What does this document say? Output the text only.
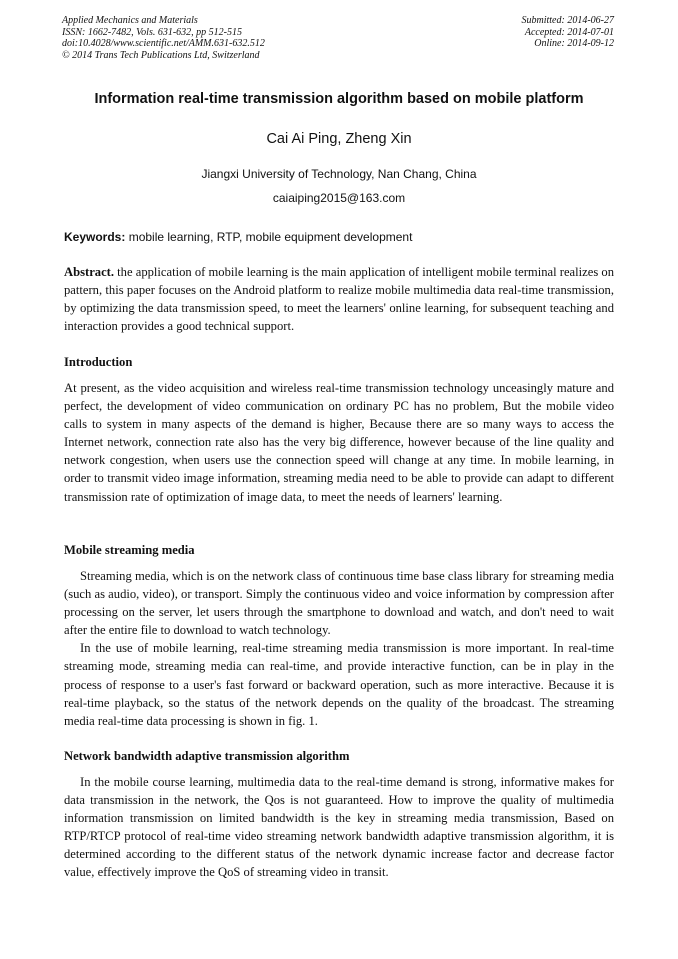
Applied Mechanics and Materials
ISSN: 1662-7482, Vols. 631-632, pp 512-515
doi:10.4028/www.scientific.net/AMM.631-632.512
© 2014 Trans Tech Publications Ltd, Switzerland
Submitted: 2014-06-27
Accepted: 2014-07-01
Online: 2014-09-12
Information real-time transmission algorithm based on mobile platform
Cai Ai Ping, Zheng Xin
Jiangxi University of Technology, Nan Chang, China
caiaiping2015@163.com
Keywords: mobile learning, RTP, mobile equipment development

Abstract. the application of mobile learning is the main application of intelligent mobile terminal realizes on pattern, this paper focuses on the Android platform to realize mobile multimedia data real-time transmission, by optimizing the data transmission speed, to meet the learners' online learning, for subsequent teaching and interaction provides a good technical support.

Introduction

At present, as the video acquisition and wireless real-time transmission technology unceasingly mature and perfect, the development of video communication on ordinary PC has no problem, But the mobile video calls to system in many aspects of the demand is higher, Because there are so many ways to access the Internet network, connection rate also has the very big difference, however because of the line quality and network congestion, when users use the connection speed will change at any time. In mobile learning, in order to transmit video image information, streaming media need to be able to provide can adapt to different transmission rate of optimization of image data, to meet the needs of learners' learning.

Mobile streaming media

Streaming media, which is on the network class of continuous time base class library for streaming media (such as audio, video), or transport. Simply the continuous video and voice information by compression after processing on the server, let users through the smartphone to download and watch, and don't need to wait after the entire file to download to watch technology.

In the use of mobile learning, real-time streaming media transmission is more important. In real-time streaming mode, streaming media can real-time, and provide interactive function, can be in play in the process of response to a user's fast forward or backward operation, such as more interactive. Because it is real-time playback, so the status of the network depends on the quality of the broadcast. The streaming media real-time data processing is shown in fig. 1.

Network bandwidth adaptive transmission algorithm

In the mobile course learning, multimedia data to the real-time demand is strong, informative makes for data transmission in the network, the Qos is not guaranteed. How to improve the quality of multimedia information transmission on limited bandwidth is the key in streaming media transmission, Based on RTP/RTCP protocol of real-time video streaming network bandwidth adaptive transmission algorithm, it is determined according to the different status of the network dynamic increase factor and decrease factor value, effectively improve the QoS of streaming video in transit.
